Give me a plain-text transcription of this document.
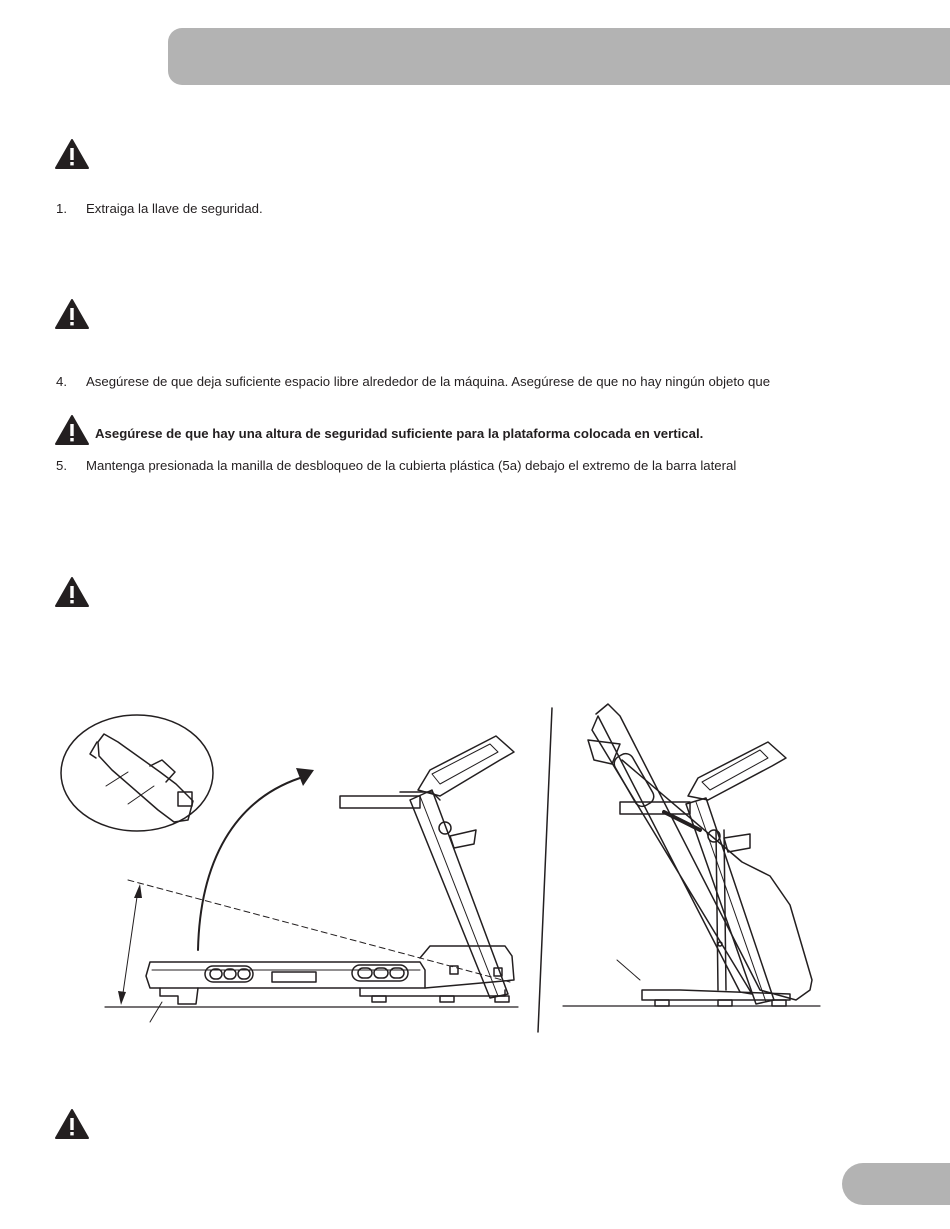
1. Extraiga la llave de seguridad.
4. Asegúrese de que deja suficiente espacio libre alrededor de la máquina. Asegúrese de que no hay ningún objeto que
Asegúrese de que hay una altura de seguridad suficiente para la plataforma colocada en vertical.
5. Mantenga presionada la manilla de desbloqueo de la cubierta plástica (5a) debajo el extremo de la barra lateral
